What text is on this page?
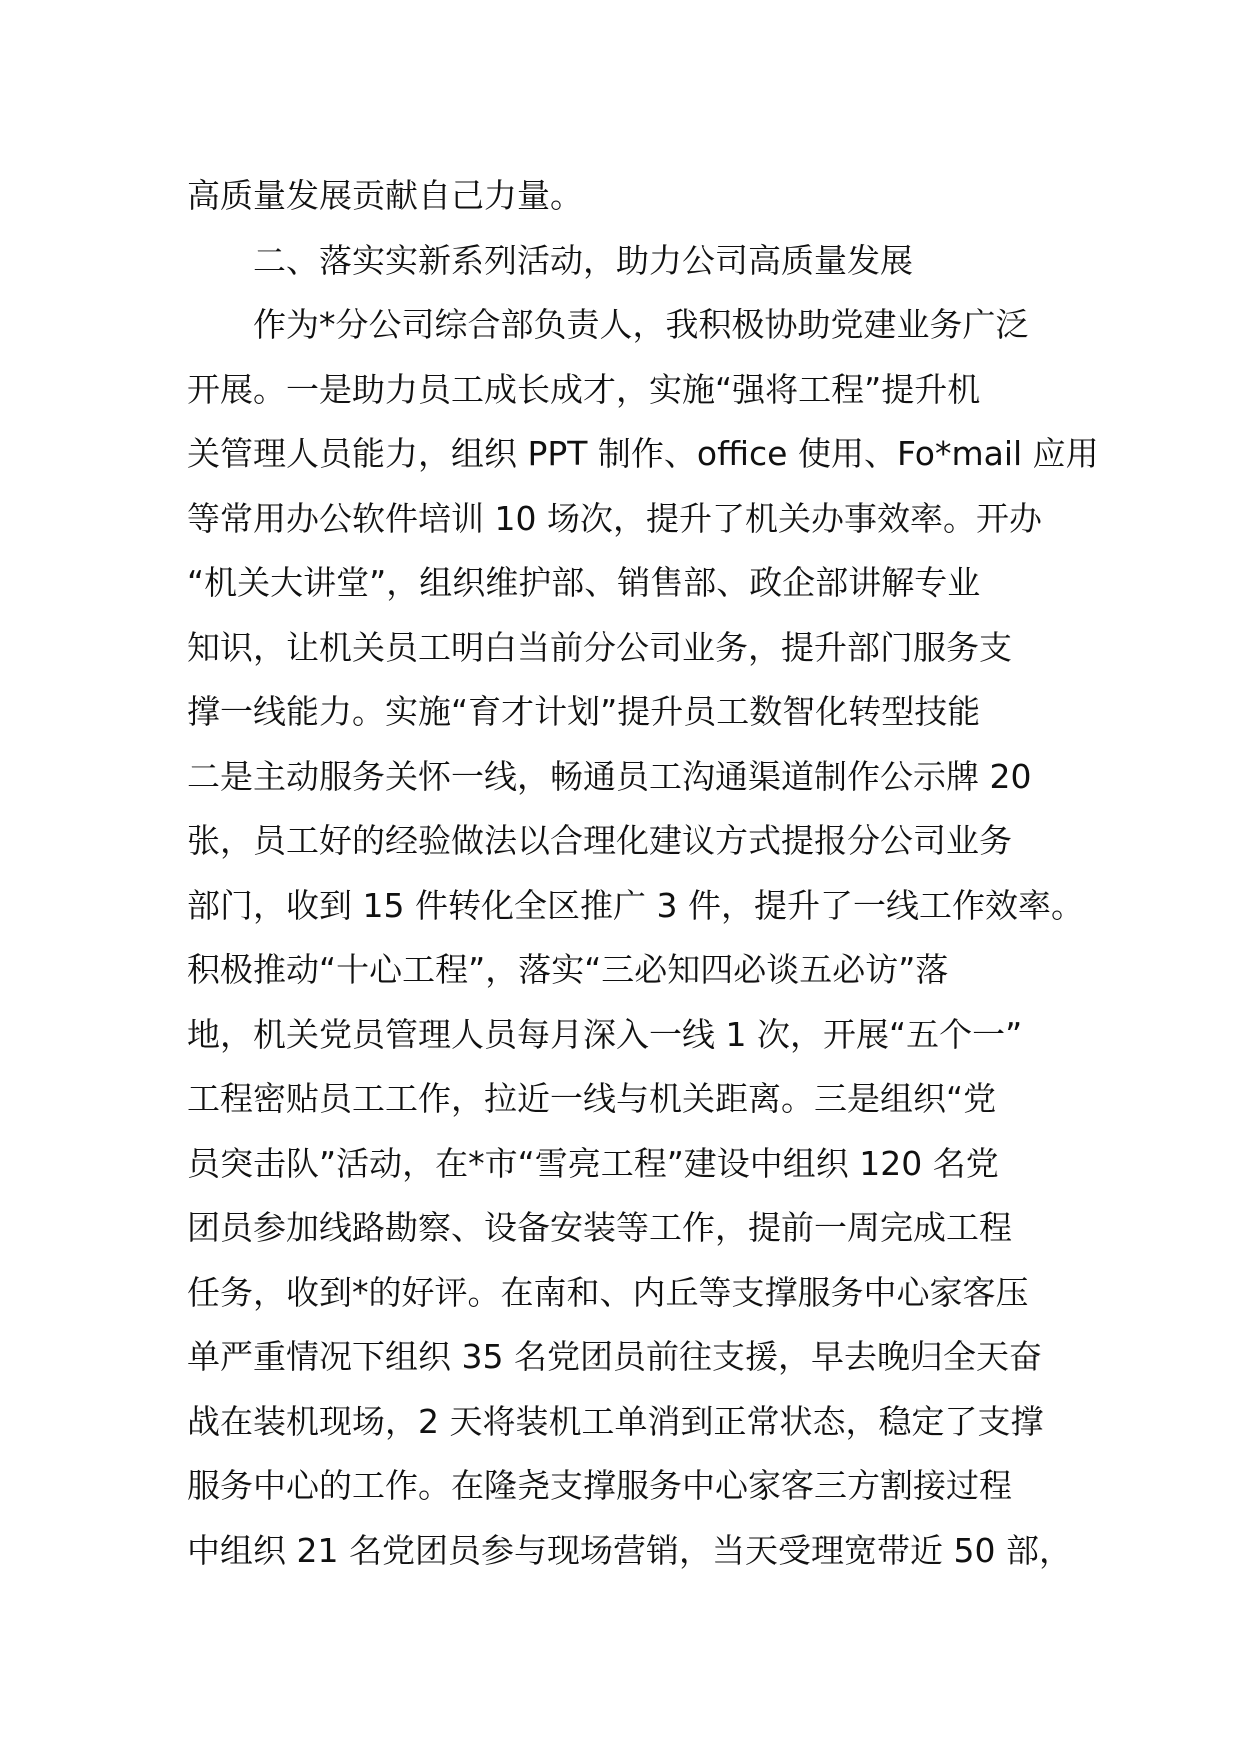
高质量发展贡献自己力量。
二、落实实新系列活动，助力公司高质量发展
作为*分公司综合部负责人，我积极协助党建业务广泛
开展。一是助力员工成长成才，实施“强将工程”提升机
关管理人员能力，组织 PPT 制作、office 使用、Fo*mail 应用
等常用办公软件培训 10 场次，提升了机关办事效率。开办
“机关大讲堂”，组织维护部、销售部、政企部讲解专业
知识，让机关员工明白当前分公司业务，提升部门服务支
撑一线能力。实施“育才计划”提升员工数智化转型技能
二是主动服务关怀一线，畅通员工沟通渠道制作公示牌 20
张，员工好的经验做法以合理化建议方式提报分公司业务
部门，收到 15 件转化全区推广 3 件，提升了一线工作效率。
积极推动“十心工程”，落实“三必知四必谈五必访”落
地，机关党员管理人员每月深入一线 1 次，开展“五个一”
工程密贴员工工作，拉近一线与机关距离。三是组织“党
员突击队”活动，在*市“雪亮工程”建设中组织 120 名党
团员参加线路勘察、设备安装等工作，提前一周完成工程
任务，收到*的好评。在南和、内丘等支撑服务中心家客压
单严重情况下组织 35 名党团员前往支援，早去晚归全天奋
战在装机现场，2 天将装机工单消到正常状态，稳定了支撑
服务中心的工作。在隆尧支撑服务中心家客三方割接过程
中组织 21 名党团员参与现场营销，当天受理宽带近 50 部，
